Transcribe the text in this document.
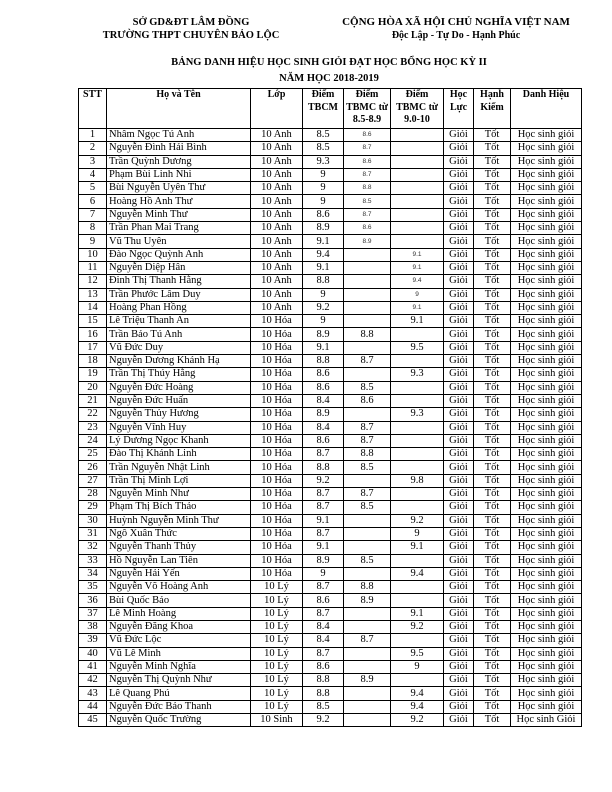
SỞ GD&ĐT LÂM ĐỒNG
TRƯỜNG THPT CHUYÊN BẢO LỘC
CỘNG HÒA XÃ HỘI CHỦ NGHĨA VIỆT NAM
Độc Lập - Tự Do - Hạnh Phúc
BẢNG DANH HIỆU HỌC SINH GIỎI ĐẠT HỌC BỔNG HỌC KỲ II
NĂM HỌC 2018-2019
STT	Họ và Tên	Lớp	Điểm TBCM	Điểm TBMC từ 8.5-8.9	Điểm TBMC từ 9.0-10	Học Lực	Hạnh Kiểm	Danh Hiệu
1	Nhâm Ngọc Tú Anh	10 Anh	8.5	8.6		Giỏi	Tốt	Học sinh giỏi
2	Nguyễn Đình Hải Bình	10 Anh	8.5	8.7		Giỏi	Tốt	Học sinh giỏi
3	Trần Quỳnh Dương	10 Anh	9.3	8.6		Giỏi	Tốt	Học sinh giỏi
4	Phạm Bùi Linh Nhi	10 Anh	9	8.7		Giỏi	Tốt	Học sinh giỏi
5	Bùi Nguyễn Uyên Thư	10 Anh	9	8.8		Giỏi	Tốt	Học sinh giỏi
6	Hoàng Hồ Anh Thư	10 Anh	9	8.5		Giỏi	Tốt	Học sinh giỏi
7	Nguyễn Minh Thư	10 Anh	8.6	8.7		Giỏi	Tốt	Học sinh giỏi
8	Trần Phan Mai Trang	10 Anh	8.9	8.6		Giỏi	Tốt	Học sinh giỏi
9	Vũ Thu Uyên	10 Anh	9.1	8.9		Giỏi	Tốt	Học sinh giỏi
10	Đào Ngọc Quỳnh Anh	10 Anh	9.4		9.1	Giỏi	Tốt	Học sinh giỏi
11	Nguyễn Diệp Hân	10 Anh	9.1		9.1	Giỏi	Tốt	Học sinh giỏi
12	Đinh Thị Thanh Hằng	10 Anh	8.8		9.4	Giỏi	Tốt	Học sinh giỏi
13	Trần Phước Lâm Duy	10 Anh	9		9	Giỏi	Tốt	Học sinh giỏi
14	Hoàng Phan Hồng	10 Anh	9.2		9.1	Giỏi	Tốt	Học sinh giỏi
15	Lê Triệu Thanh An	10 Hóa	9		9.1	Giỏi	Tốt	Học sinh giỏi
16	Trần Bảo Tú Anh	10 Hóa	8.9	8.8		Giỏi	Tốt	Học sinh giỏi
17	Vũ Đức Duy	10 Hóa	9.1		9.5	Giỏi	Tốt	Học sinh giỏi
18	Nguyễn Dương Khánh Hạ	10 Hóa	8.8	8.7		Giỏi	Tốt	Học sinh giỏi
19	Trần Thị Thúy Hằng	10 Hóa	8.6		9.3	Giỏi	Tốt	Học sinh giỏi
20	Nguyễn Đức Hoàng	10 Hóa	8.6	8.5		Giỏi	Tốt	Học sinh giỏi
21	Nguyễn Đức Huấn	10 Hóa	8.4	8.6		Giỏi	Tốt	Học sinh giỏi
22	Nguyễn Thủy Hương	10 Hóa	8.9		9.3	Giỏi	Tốt	Học sinh giỏi
23	Nguyễn Vĩnh Huy	10 Hóa	8.4	8.7		Giỏi	Tốt	Học sinh giỏi
24	Lý Dương Ngọc Khanh	10 Hóa	8.6	8.7		Giỏi	Tốt	Học sinh giỏi
25	Đào Thị Khánh Linh	10 Hóa	8.7	8.8		Giỏi	Tốt	Học sinh giỏi
26	Trần Nguyễn Nhật Linh	10 Hóa	8.8	8.5		Giỏi	Tốt	Học sinh giỏi
27	Trần Thị Minh Lợi	10 Hóa	9.2		9.8	Giỏi	Tốt	Học sinh giỏi
28	Nguyễn Minh Như	10 Hóa	8.7	8.7		Giỏi	Tốt	Học sinh giỏi
29	Phạm Thị Bích Thảo	10 Hóa	8.7	8.5		Giỏi	Tốt	Học sinh giỏi
30	Huỳnh Nguyễn Minh Thư	10 Hóa	9.1		9.2	Giỏi	Tốt	Học sinh giỏi
31	Ngô Xuân Thức	10 Hóa	8.7		9	Giỏi	Tốt	Học sinh giỏi
32	Nguyễn Thanh Thủy	10 Hóa	9.1		9.1	Giỏi	Tốt	Học sinh giỏi
33	Hồ Nguyễn Lan Tiên	10 Hóa	8.9	8.5		Giỏi	Tốt	Học sinh giỏi
34	Nguyễn Hải Yến	10 Hóa	9		9.4	Giỏi	Tốt	Học sinh giỏi
35	Nguyễn Võ Hoàng Anh	10 Lý	8.7	8.8		Giỏi	Tốt	Học sinh giỏi
36	Bùi Quốc Bảo	10 Lý	8.6	8.9		Giỏi	Tốt	Học sinh giỏi
37	Lê Minh Hoàng	10 Lý	8.7		9.1	Giỏi	Tốt	Học sinh giỏi
38	Nguyễn Đăng Khoa	10 Lý	8.4		9.2	Giỏi	Tốt	Học sinh giỏi
39	Vũ Đức Lộc	10 Lý	8.4	8.7		Giỏi	Tốt	Học sinh giỏi
40	Vũ Lê Minh	10 Lý	8.7		9.5	Giỏi	Tốt	Học sinh giỏi
41	Nguyễn Minh Nghĩa	10 Lý	8.6		9	Giỏi	Tốt	Học sinh giỏi
42	Nguyễn Thị Quỳnh Như	10 Lý	8.8	8.9		Giỏi	Tốt	Học sinh giỏi
43	Lê Quang Phú	10 Lý	8.8		9.4	Giỏi	Tốt	Học sinh giỏi
44	Nguyễn Đức Bảo Thanh	10 Lý	8.5		9.4	Giỏi	Tốt	Học sinh giỏi
45	Nguyễn Quốc Trường	10 Sinh	9.2		9.2	Giỏi	Tốt	Học sinh Giỏi
